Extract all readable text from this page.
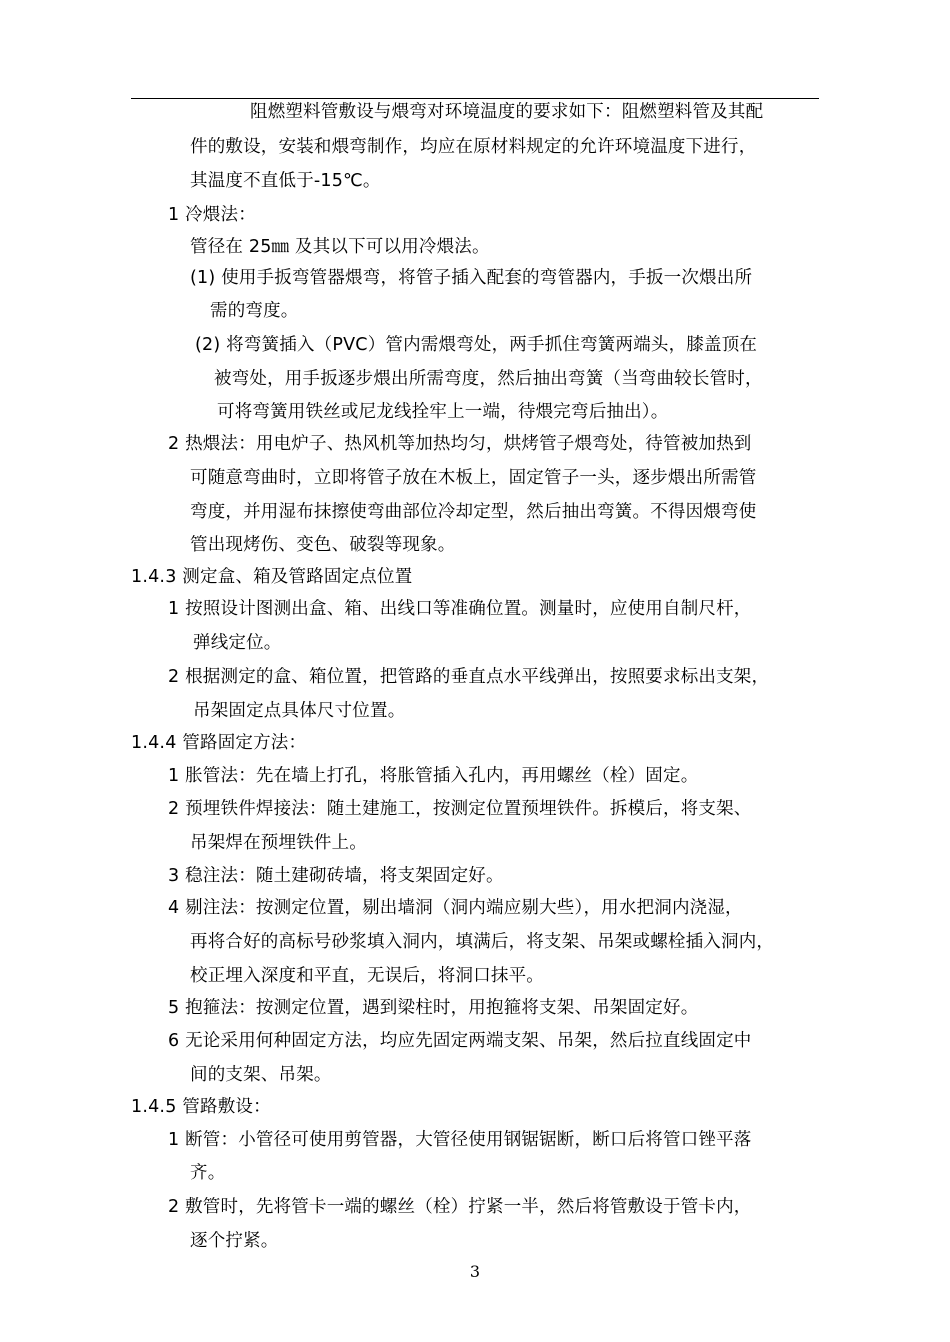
阻燃塑料管敷设与煨弯对环境温度的要求如下：阻燃塑料管及其配
件的敷设，安装和煨弯制作，均应在原材料规定的允许环境温度下进行，
其温度不直低于-15℃。
1 冷煨法：
管径在 25㎜ 及其以下可以用冷煨法。
(1) 使用手扳弯管器煨弯，将管子插入配套的弯管器内，手扳一次煨出所
需的弯度。
(2) 将弯簧插入（PVC）管内需煨弯处，两手抓住弯簧两端头，膝盖顶在
被弯处，用手扳逐步煨出所需弯度，然后抽出弯簧（当弯曲较长管时，
可将弯簧用铁丝或尼龙线拴牢上一端，待煨完弯后抽出）。
2 热煨法：用电炉子、热风机等加热均匀，烘烤管子煨弯处，待管被加热到
可随意弯曲时，立即将管子放在木板上，固定管子一头，逐步煨出所需管
弯度，并用湿布抹擦使弯曲部位冷却定型，然后抽出弯簧。不得因煨弯使
管出现烤伤、变色、破裂等现象。
1.4.3 测定盒、箱及管路固定点位置
1 按照设计图测出盒、箱、出线口等准确位置。测量时，应使用自制尺杆，
弹线定位。
2 根据测定的盒、箱位置，把管路的垂直点水平线弹出，按照要求标出支架，
吊架固定点具体尺寸位置。
1.4.4 管路固定方法：
1 胀管法：先在墙上打孔，将胀管插入孔内，再用螺丝（栓）固定。
2 预埋铁件焊接法：随土建施工，按测定位置预埋铁件。拆模后，将支架、
吊架焊在预埋铁件上。
3 稳注法：随土建砌砖墙，将支架固定好。
4 剔注法：按测定位置，剔出墙洞（洞内端应剔大些），用水把洞内浇湿，
再将合好的高标号砂浆填入洞内，填满后，将支架、吊架或螺栓插入洞内，
校正埋入深度和平直，无误后，将洞口抹平。
5 抱箍法：按测定位置，遇到梁柱时，用抱箍将支架、吊架固定好。
6 无论采用何种固定方法，均应先固定两端支架、吊架，然后拉直线固定中
间的支架、吊架。
1.4.5 管路敷设：
1 断管：小管径可使用剪管器，大管径使用钢锯锯断，断口后将管口锉平落
齐。
2 敷管时，先将管卡一端的螺丝（栓）拧紧一半，然后将管敷设于管卡内，
逐个拧紧。
3
